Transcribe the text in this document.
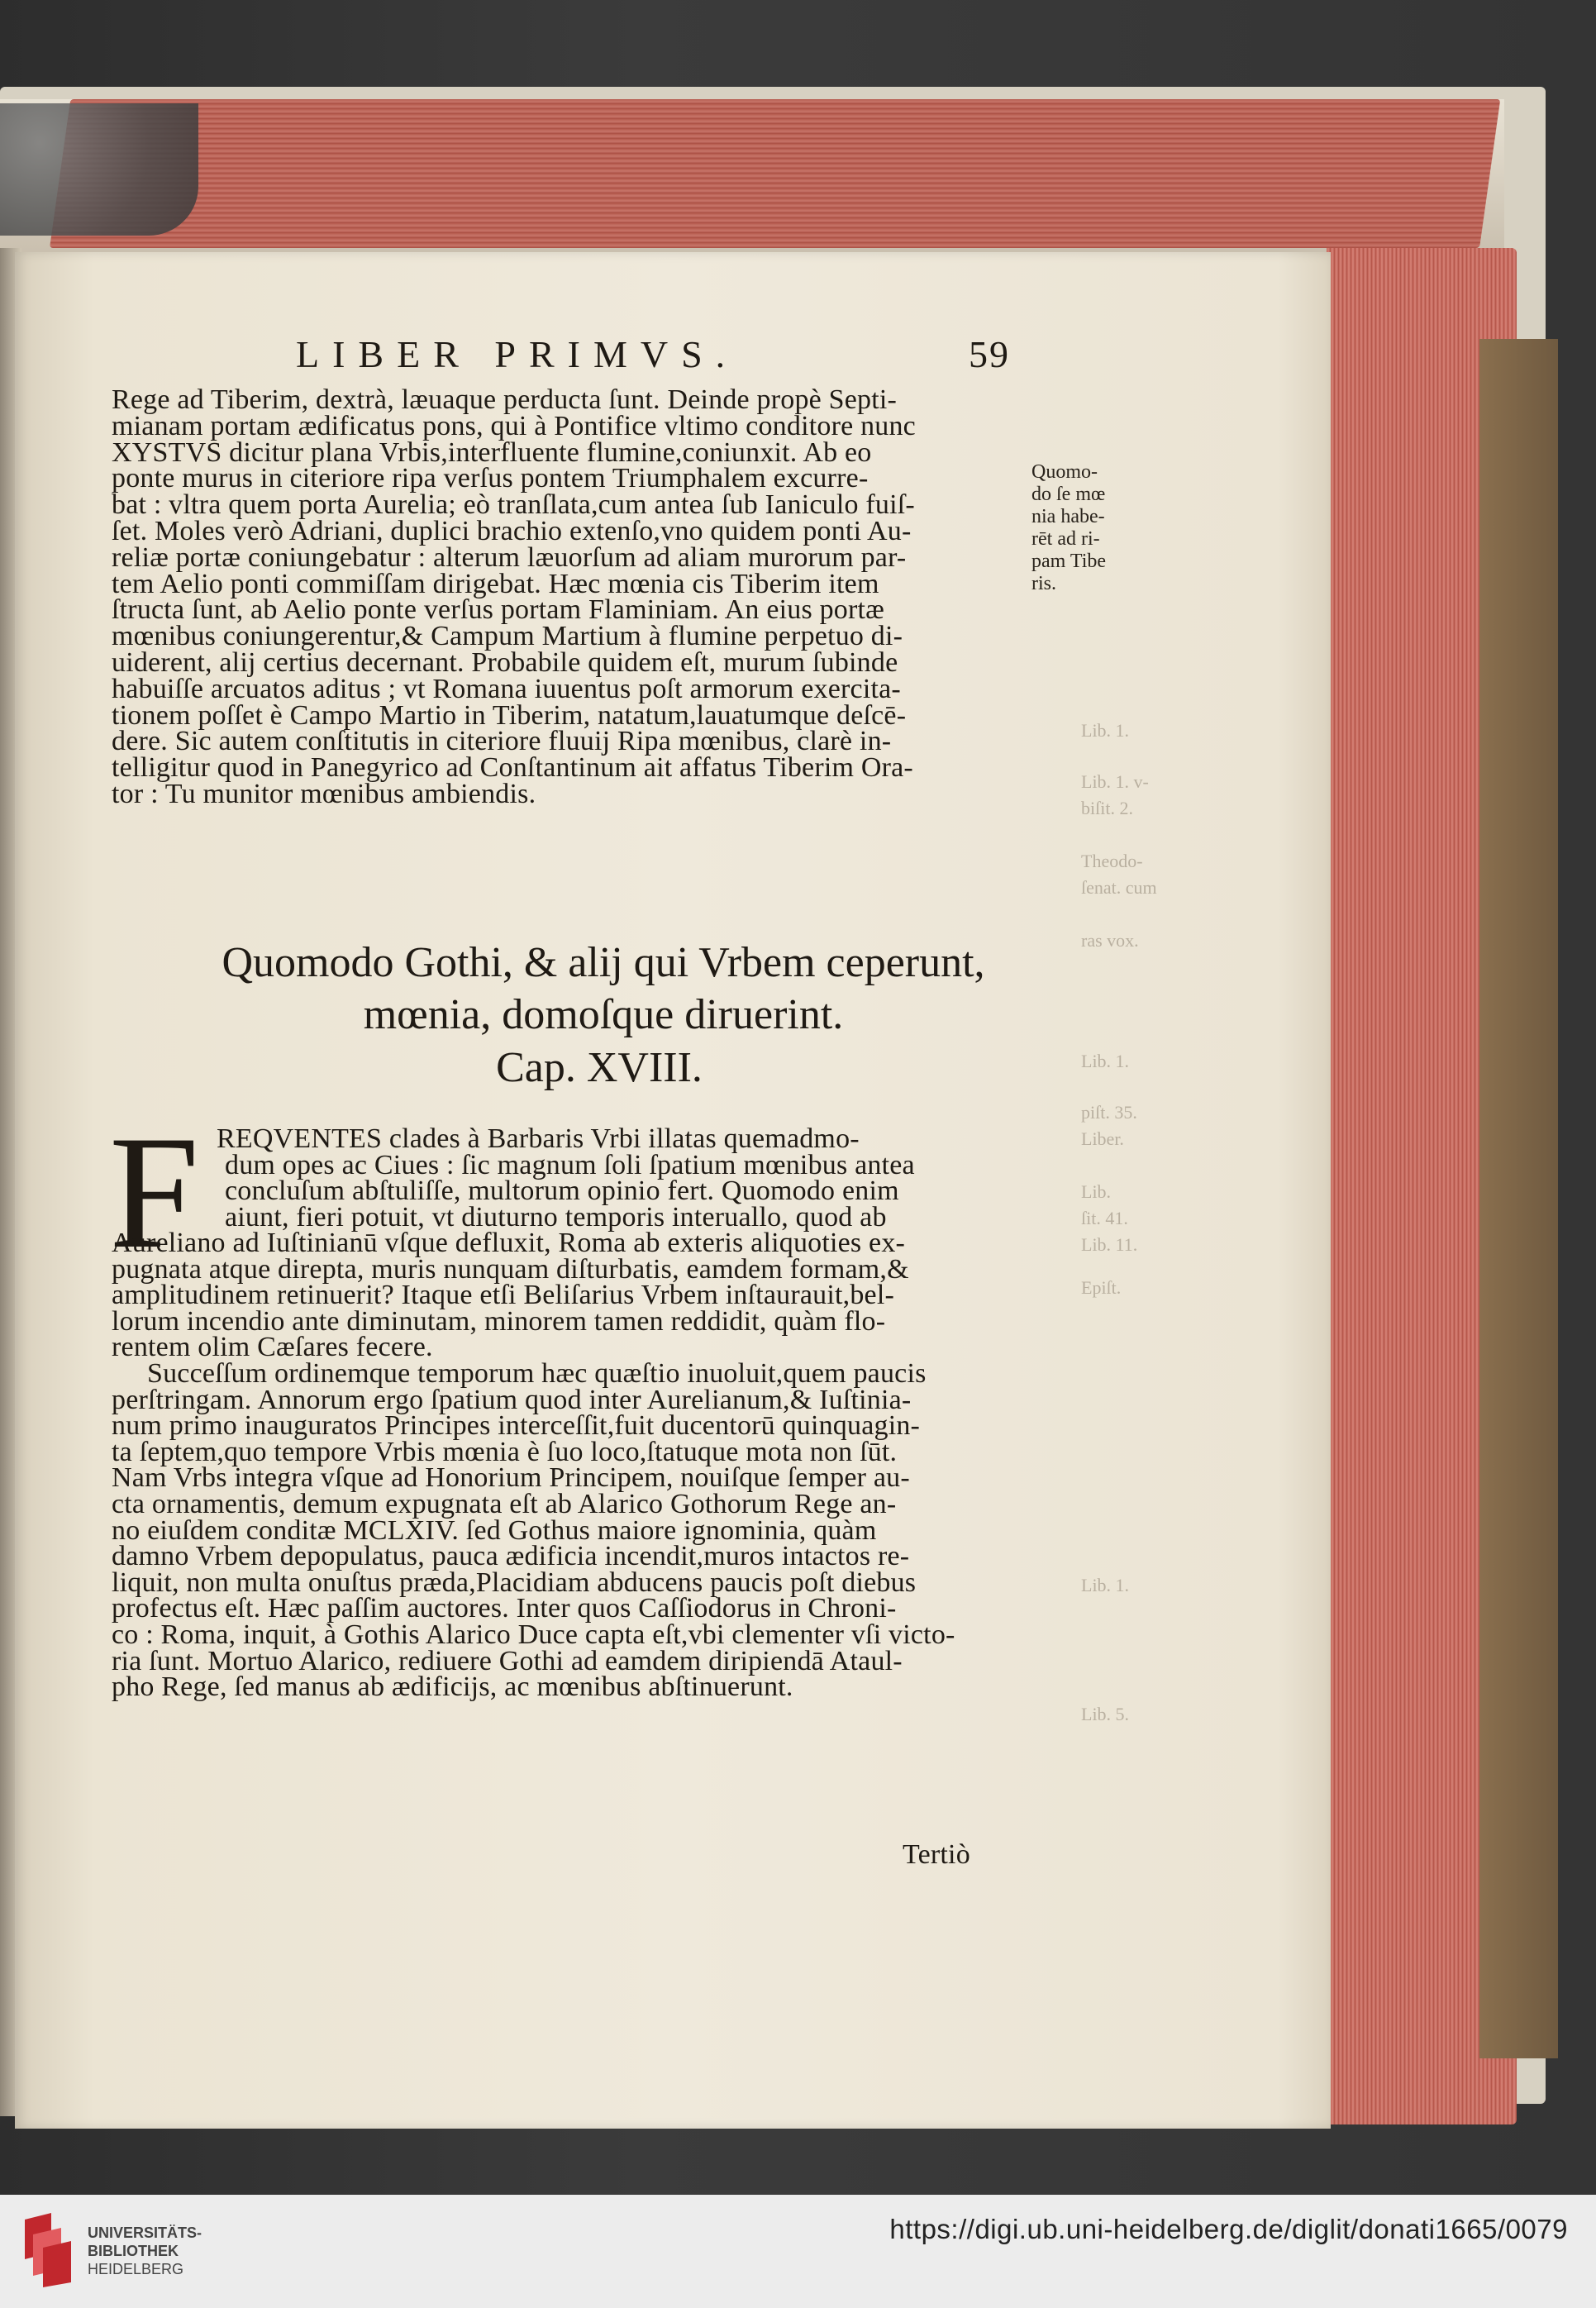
LIBER PRIMVS.	59
Rege ad Tiberim, dextrà, læuaque perducta ſunt. Deinde propè Septi-
mianam portam ædificatus pons, qui à Pontifice vltimo conditore nunc
XYSTVS dicitur plana Vrbis,interfluente flumine,coniunxit. Ab eo
ponte murus in citeriore ripa verſus pontem Triumphalem excurre-
bat : vltra quem porta Aurelia; eò tranſlata,cum antea ſub Ianiculo fuiſ-
ſet. Moles verò Adriani, duplici brachio extenſo,vno quidem ponti Au-
reliæ portæ coniungebatur : alterum læuorſum ad aliam murorum par-
tem Aelio ponti commiſſam dirigebat. Hæc mœnia cis Tiberim item
ſtructa ſunt, ab Aelio ponte verſus portam Flaminiam. An eius portæ
mœnibus coniungerentur,& Campum Martium à flumine perpetuo di-
uiderent, alij certius decernant. Probabile quidem eſt, murum ſubinde
habuiſſe arcuatos aditus ; vt Romana iuuentus poſt armorum exercita-
tionem poſſet è Campo Martio in Tiberim, natatum,lauatumque deſcē-
dere. Sic autem conſtitutis in citeriore fluuij Ripa mœnibus, clarè in-
telligitur quod in Panegyrico ad Conſtantinum ait affatus Tiberim Ora-
tor : Tu munitor mœnibus ambiendis.
Quomo-
do ſe mœ
nia habe-
rēt ad ri-
pam Tibe
ris.
Quomodo Gothi, & alij qui Vrbem ceperunt,
mœnia, domoſque diruerint.
Cap. XVIII.
F REQVENTES clades à Barbaris Vrbi illatas quemadmo-
dum opes ac Ciues : ſic magnum ſoli ſpatium mœnibus antea
concluſum abſtuliſſe, multorum opinio fert. Quomodo enim
aiunt, fieri potuit, vt diuturno temporis interuallo, quod ab
Aureliano ad Iuſtinianū vſque defluxit, Roma ab exteris aliquoties ex-
pugnata atque direpta, muris nunquam diſturbatis, eamdem formam,&
amplitudinem retinuerit? Itaque etſi Beliſarius Vrbem inſtaurauit,bel-
lorum incendio ante diminutam, minorem tamen reddidit, quàm flo-
rentem olim Cæſares fecere.
Succeſſum ordinemque temporum hæc quæſtio inuoluit,quem paucis
perſtringam. Annorum ergo ſpatium quod inter Aurelianum,& Iuſtinia-
num primo inauguratos Principes interceſſit,fuit ducentorū quinquagin-
ta ſeptem,quo tempore Vrbis mœnia è ſuo loco,ſtatuque mota non ſūt.
Nam Vrbs integra vſque ad Honorium Principem, nouiſque ſemper au-
cta ornamentis, demum expugnata eſt ab Alarico Gothorum Rege an-
no eiuſdem conditæ MCLXIV. ſed Gothus maiore ignominia, quàm
damno Vrbem depopulatus, pauca ædificia incendit,muros intactos re-
liquit, non multa onuſtus præda,Placidiam abducens paucis poſt diebus
profectus eſt. Hæc paſſim auctores. Inter quos Caſſiodorus in Chroni-
co : Roma, inquit, à Gothis Alarico Duce capta eſt,vbi clementer vſi victo-
ria ſunt. Mortuo Alarico, rediuere Gothi ad eamdem diripiendā Ataul-
pho Rege, ſed manus ab ædificijs, ac mœnibus abſtinuerunt.
Tertiò
Lib. 1.
Lib. 1. v-
biſit. 2.
Theodo-
ſenat. cum
ras vox.
Lib. 1.
piſt. 35.
Liber.
Lib.
ſit. 41.
Lib. 11.
Epiſt.
Lib. 1.
Lib. 5.
UNIVERSITÄTS-
BIBLIOTHEK
HEIDELBERG
https://digi.ub.uni-heidelberg.de/diglit/donati1665/0079
